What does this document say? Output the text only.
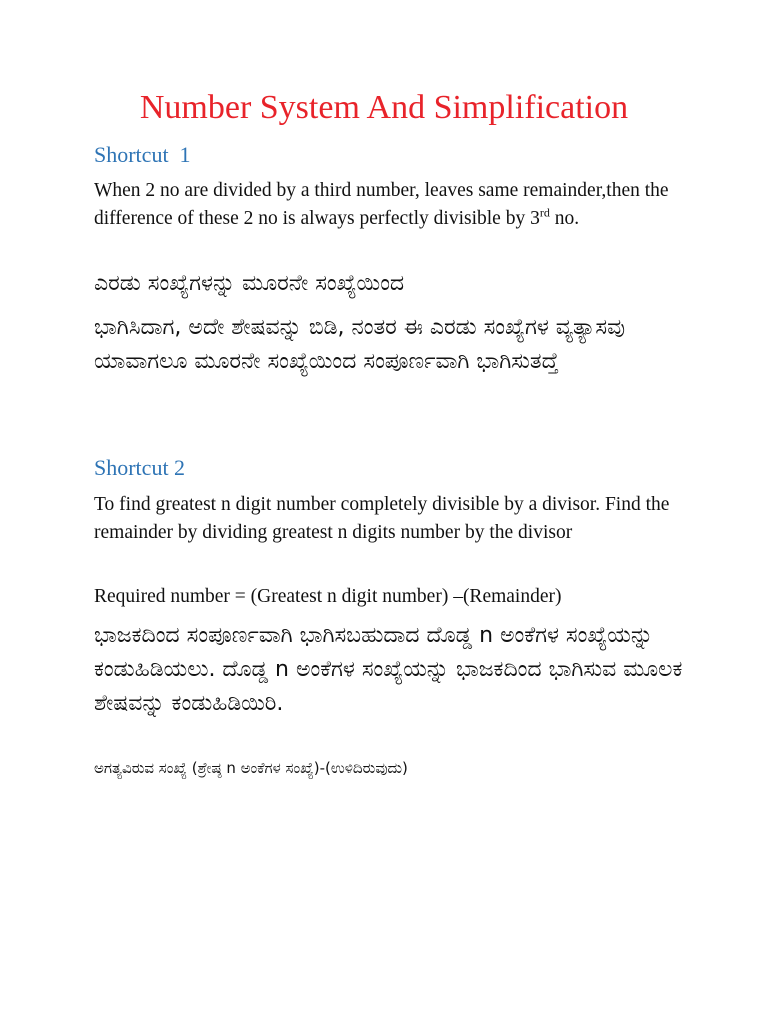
Number System And Simplification
Shortcut  1

When 2 no are divided by a third number, leaves same remainder,then the difference of these 2 no is always perfectly divisible by 3rd no.

ಎರಡು ಸಂಖ್ಯೆಗಳನ್ನು ಮೂರನೇ ಸಂಖ್ಯೆಯಿಂದ

ಭಾಗಿಸಿದಾಗ, ಅದೇ ಶೇಷವನ್ನು ಬಿಡಿ, ನಂತರ ಈ ಎರಡು ಸಂಖ್ಯೆಗಳ ವ್ಯತ್ಯಾಸವು ಯಾವಾಗಲೂ ಮೂರನೇ ಸಂಖ್ಯೆಯಿಂದ ಸಂಪೂರ್ಣವಾಗಿ ಭಾಗಿಸುತದ್ತೆ

Shortcut 2

To find greatest n digit number completely divisible by a divisor. Find the remainder by dividing greatest n digits number by the divisor

Required number = (Greatest n digit number) –(Remainder)

ಭಾಜಕದಿಂದ ಸಂಪೂರ್ಣವಾಗಿ ಭಾಗಿಸಬಹುದಾದ ದೊಡ್ಡ n ಅಂಕೆಗಳ ಸಂಖ್ಯೆಯನ್ನು ಕಂಡುಹಿಡಿಯಲು. ದೊಡ್ಡ n ಅಂಕೆಗಳ ಸಂಖ್ಯೆಯನ್ನು ಭಾಜಕದಿಂದ ಭಾಗಿಸುವ ಮೂಲಕ ಶೇಷವನ್ನು ಕಂಡುಹಿಡಿಯಿರಿ.

ಅಗತ್ಯವಿರುವ ಸಂಖ್ಯೆ (ಶ್ರೇಷ್ಠ n ಅಂಕೆಗಳ ಸಂಖ್ಯೆ)-(ಉಳಿದಿರುವುದು)
